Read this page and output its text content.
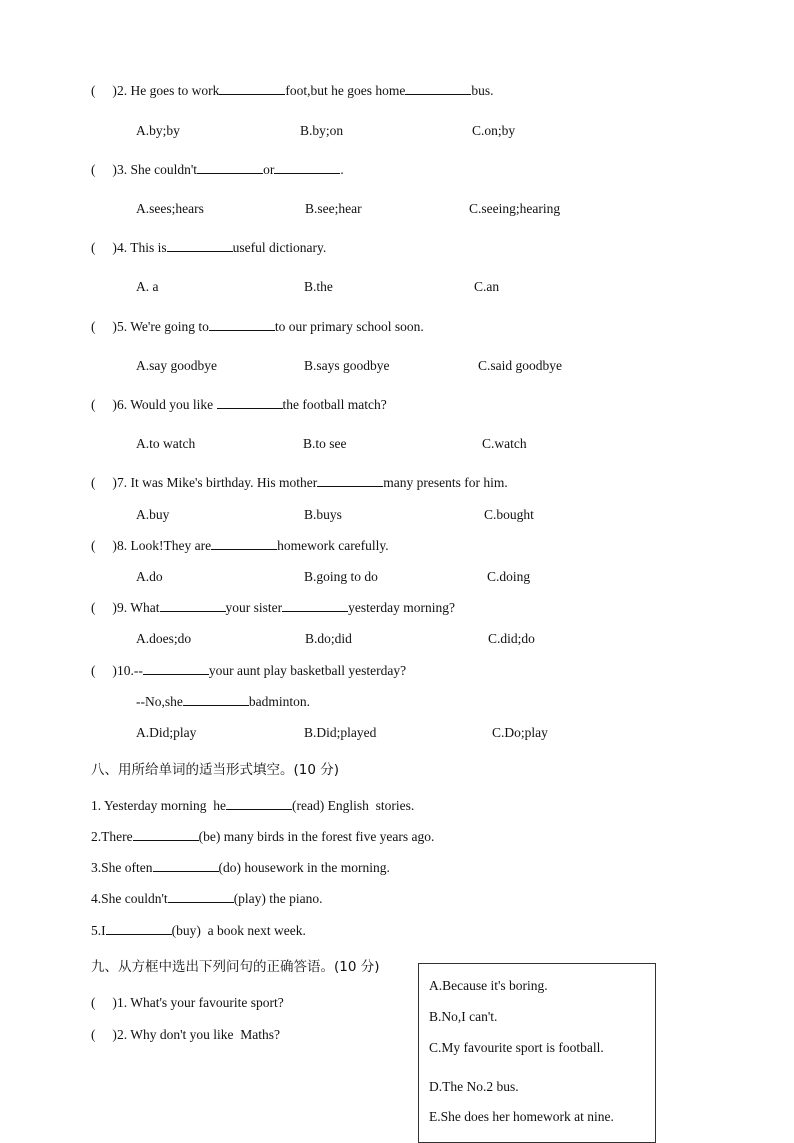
(     )2. He goes to work	foot,but he goes home	bus.
A.by;by	B.by;on	C.on;by
(     )3. She couldn't	or	.
A.sees;hears	B.see;hear	C.seeing;hearing
(     )4. This is	useful dictionary.
A. a	B.the	C.an
(     )5. We're going to	to our primary school soon.
A.say goodbye	B.says goodbye	C.said goodbye
(     )6. Would you like	the football match?
A.to watch	B.to see	C.watch
(     )7. It was Mike's birthday. His mother	many presents for him.
A.buy	B.buys	C.bought
(     )8. Look!They are	homework carefully.
A.do	B.going to do	C.doing
(     )9. What	your sister	yesterday morning?
A.does;do	B.do;did	C.did;do
(     )10.--	your aunt play basketball yesterday?
--No,she	badminton.
A.Did;play	B.Did;played	C.Do;play
八、用所给单词的适当形式填空。(10 分)
1. Yesterday morning  he	(read) English  stories.
2.There	(be) many birds in the forest five years ago.
3.She often	(do) housework in the morning.
4.She couldn't	(play) the piano.
5.I	(buy)  a book next week.
九、从方框中选出下列问句的正确答语。(10 分)
(     )1. What's your favourite sport?
(     )2. Why don't you like  Maths?
A.Because it's boring.
B.No,I can't.
C.My favourite sport is football.
D.The No.2 bus.
E.She does her homework at nine.
